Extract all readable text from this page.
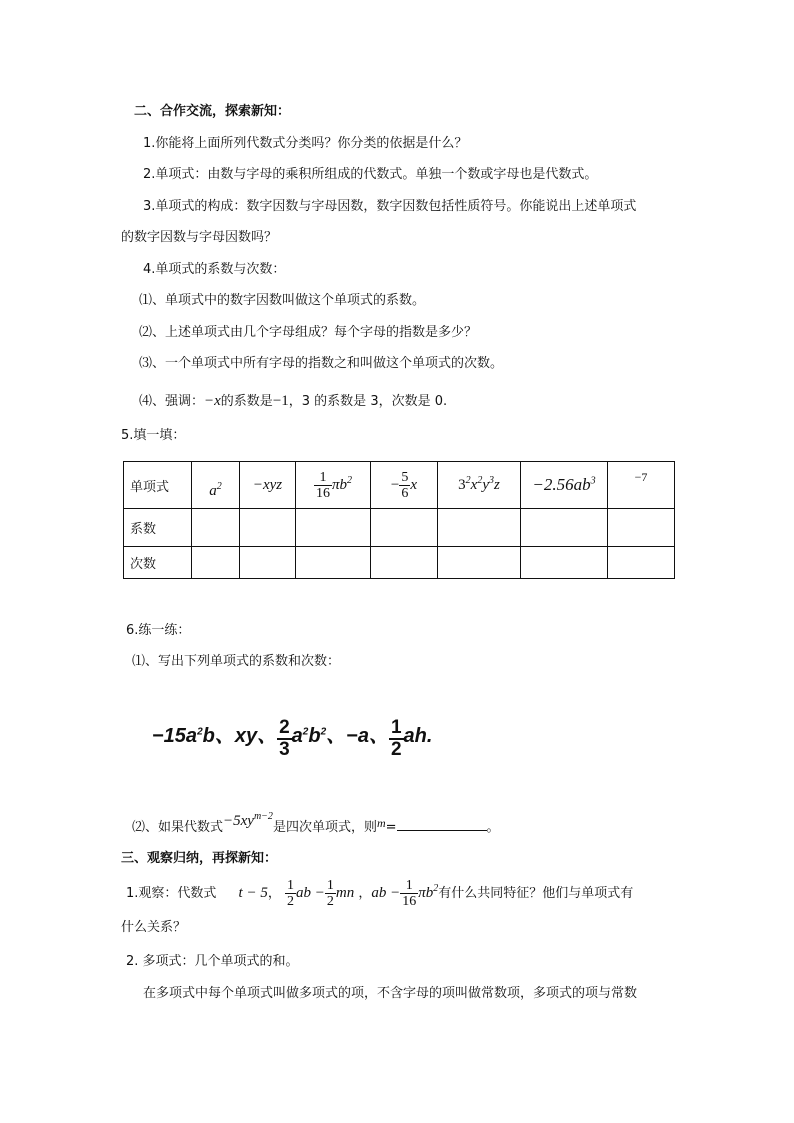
二、合作交流，探索新知：
1.你能将上面所列代数式分类吗？你分类的依据是什么？
2.单项式：由数与字母的乘积所组成的代数式。单独一个数或字母也是代数式。
3.单项式的构成：数字因数与字母因数，数字因数包括性质符号。你能说出上述单项式
的数字因数与字母因数吗？
4.单项式的系数与次数：
⑴、单项式中的数字因数叫做这个单项式的系数。
⑵、上述单项式由几个字母组成？每个字母的指数是多少？
⑶、一个单项式中所有字母的指数之和叫做这个单项式的次数。
⑷、强调：−x的系数是−1，3 的系数是 3，次数是 0.
5.填一填：
单项式	$a^2$	−xyz	$\frac{1}{16} \pi b^2$	− $\frac{5}{6}$ x	$3^2x^2y^3z$	$-2.56ab^3$	−7
系数							
次数							
6.练一练：
⑴、写出下列单项式的系数和次数：
$-15a^2b$、xy、 $\frac{2}{3} a^2b^2$、−a、 $\frac{1}{2}$ ah.
⑵、如果代数式$-5xy^{m-2}$是四次单项式，则m=	。
三、观察归纳，再探新知：
1.观察：代数式 t − 5， $\frac{1}{2}$ ab − $\frac{1}{2}$ mn ，ab − $\frac{1}{16} \pi b^2$有什么共同特征？他们与单项式有
什么关系？
2. 多项式：几个单项式的和。
在多项式中每个单项式叫做多项式的项，不含字母的项叫做常数项，多项式的项与常数
